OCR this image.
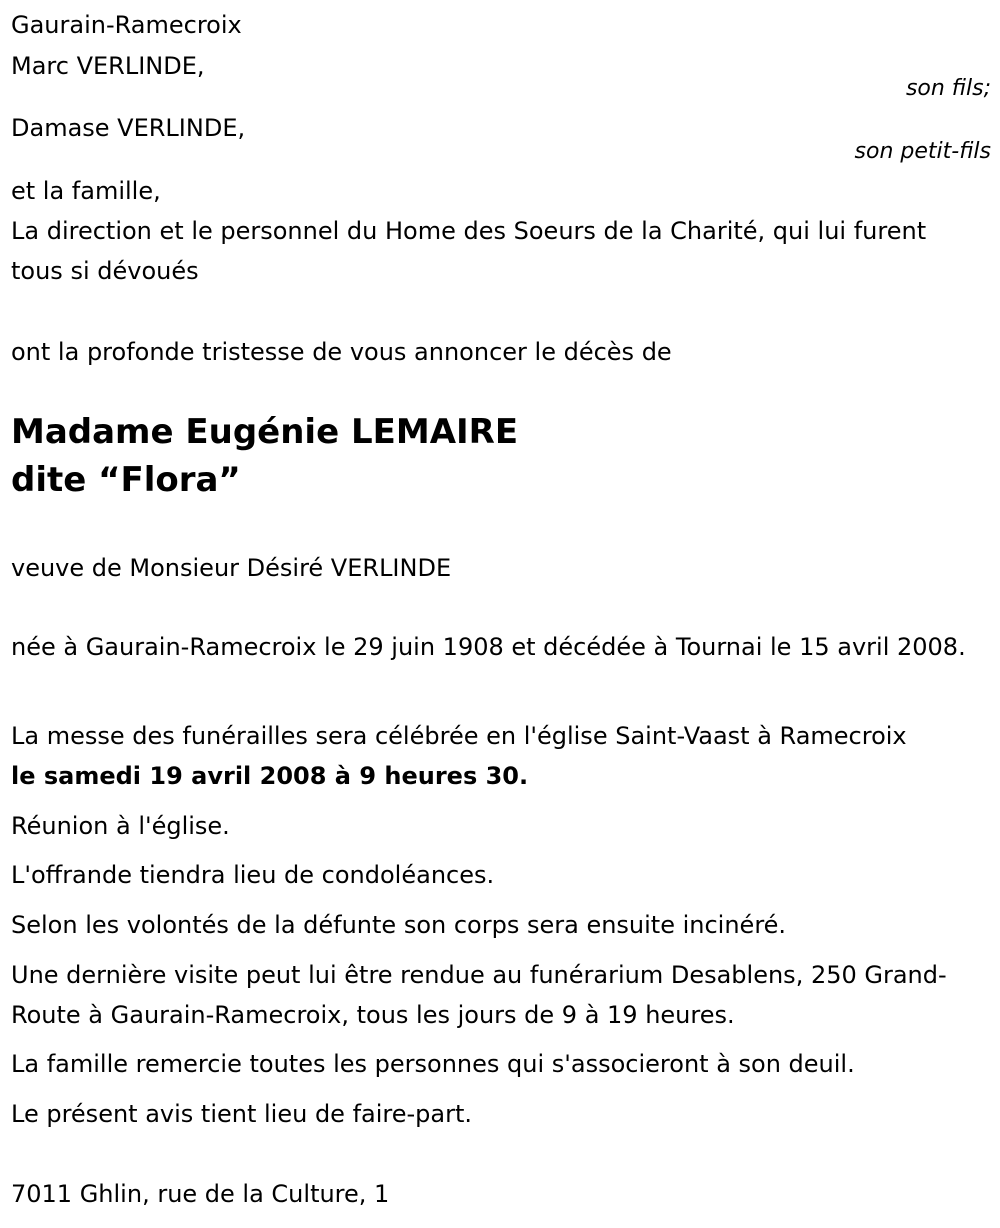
Gaurain-Ramecroix

Marc VERLINDE,

son fils;

Damase VERLINDE,

son petit-fils

et la famille,

La direction et le personnel du Home des Soeurs de la Charité, qui lui furent tous si dévoués

ont la profonde tristesse de vous annoncer le décès de

Madame Eugénie LEMAIRE

dite “Flora”

veuve de Monsieur Désiré VERLINDE

née à Gaurain-Ramecroix le 29 juin 1908 et décédée à Tournai le 15 avril 2008.

La messe des funérailles sera célébrée en l'église Saint-Vaast à Ramecroix le samedi 19 avril 2008 à 9 heures 30.

Réunion à l'église.

L'offrande tiendra lieu de condoléances.

Selon les volontés de la défunte son corps sera ensuite incinéré.

Une dernière visite peut lui être rendue au funérarium Desablens, 250 Grand-Route à Gaurain-Ramecroix, tous les jours de 9 à 19 heures.

La famille remercie toutes les personnes qui s'associeront à son deuil.

Le présent avis tient lieu de faire-part.

7011 Ghlin, rue de la Culture, 1
